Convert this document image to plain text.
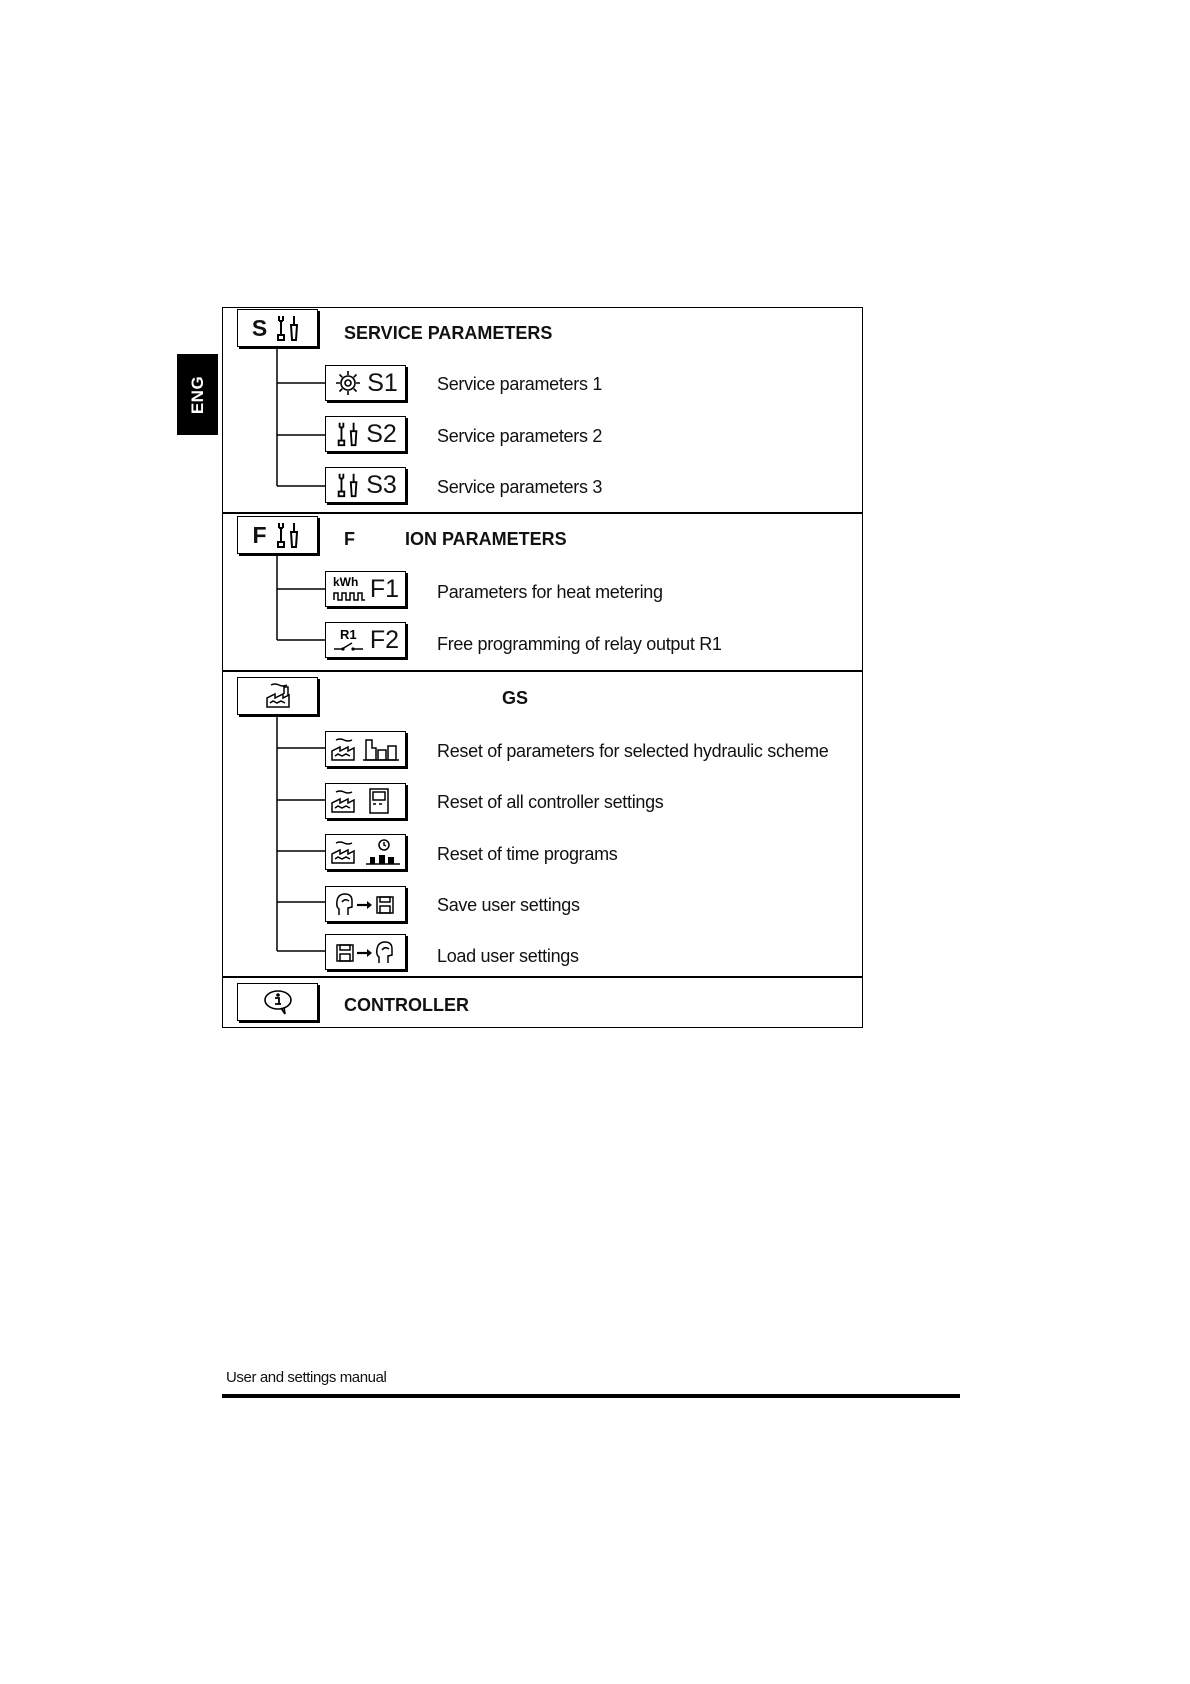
ENG
S	SERVICE PARAMETERS
S1 Service parameters 1
S2 Service parameters 2
S3 Service parameters 3
F	F	ION PARAMETERS
kWh F1 Parameters for heat metering
R1 F2 Free programming of relay output R1
GS
Reset of parameters for selected hydraulic scheme
Reset of all controller settings
Reset of time programs
Save user settings
Load user settings
CONTROLLER
User and settings manual
